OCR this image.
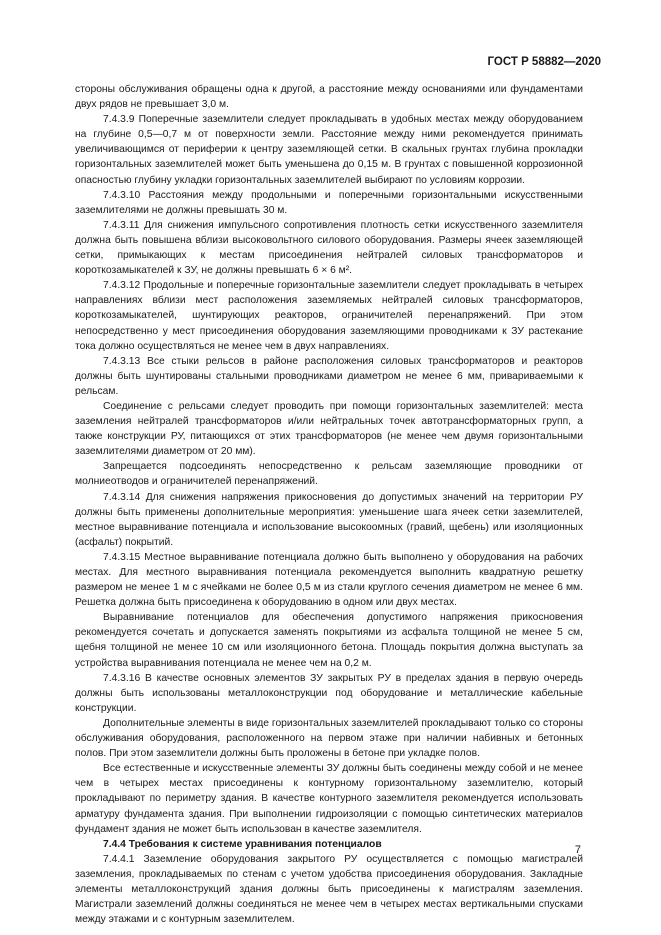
ГОСТ Р 58882—2020

стороны обслуживания обращены одна к другой, а расстояние между основаниями или фундаментами двух рядов не превышает 3,0 м.

7.4.3.9 Поперечные заземлители следует прокладывать в удобных местах между оборудованием на глубине 0,5—0,7 м от поверхности земли. Расстояние между ними рекомендуется принимать увеличивающимся от периферии к центру заземляющей сетки. В скальных грунтах глубина прокладки горизонтальных заземлителей может быть уменьшена до 0,15 м. В грунтах с повышенной коррозионной опасностью глубину укладки горизонтальных заземлителей выбирают по условиям коррозии.

7.4.3.10 Расстояния между продольными и поперечными горизонтальными искусственными заземлителями не должны превышать 30 м.

7.4.3.11 Для снижения импульсного сопротивления плотность сетки искусственного заземлителя должна быть повышена вблизи высоковольтного силового оборудования. Размеры ячеек заземляющей сетки, примыкающих к местам присоединения нейтралей силовых трансформаторов и короткозамыкателей к ЗУ, не должны превышать 6 × 6 м².

7.4.3.12 Продольные и поперечные горизонтальные заземлители следует прокладывать в четырех направлениях вблизи мест расположения заземляемых нейтралей силовых трансформаторов, короткозамыкателей, шунтирующих реакторов, ограничителей перенапряжений. При этом непосредственно у мест присоединения оборудования заземляющими проводниками к ЗУ растекание тока должно осуществляться не менее чем в двух направлениях.

7.4.3.13 Все стыки рельсов в районе расположения силовых трансформаторов и реакторов должны быть шунтированы стальными проводниками диаметром не менее 6 мм, привариваемыми к рельсам.

Соединение с рельсами следует проводить при помощи горизонтальных заземлителей: места заземления нейтралей трансформаторов и/или нейтральных точек автотрансформаторных групп, а также конструкции РУ, питающихся от этих трансформаторов (не менее чем двумя горизонтальными заземлителями диаметром от 20 мм).

Запрещается подсоединять непосредственно к рельсам заземляющие проводники от молниеотводов и ограничителей перенапряжений.

7.4.3.14 Для снижения напряжения прикосновения до допустимых значений на территории РУ должны быть применены дополнительные мероприятия: уменьшение шага ячеек сетки заземлителей, местное выравнивание потенциала и использование высокоомных (гравий, щебень) или изоляционных (асфальт) покрытий.

7.4.3.15 Местное выравнивание потенциала должно быть выполнено у оборудования на рабочих местах. Для местного выравнивания потенциала рекомендуется выполнить квадратную решетку размером не менее 1 м с ячейками не более 0,5 м из стали круглого сечения диаметром не менее 6 мм. Решетка должна быть присоединена к оборудованию в одном или двух местах.

Выравнивание потенциалов для обеспечения допустимого напряжения прикосновения рекомендуется сочетать и допускается заменять покрытиями из асфальта толщиной не менее 5 см, щебня толщиной не менее 10 см или изоляционного бетона. Площадь покрытия должна выступать за устройства выравнивания потенциала не менее чем на 0,2 м.

7.4.3.16 В качестве основных элементов ЗУ закрытых РУ в пределах здания в первую очередь должны быть использованы металлоконструкции под оборудование и металлические кабельные конструкции.

Дополнительные элементы в виде горизонтальных заземлителей прокладывают только со стороны обслуживания оборудования, расположенного на первом этаже при наличии набивных и бетонных полов. При этом заземлители должны быть проложены в бетоне при укладке полов.

Все естественные и искусственные элементы ЗУ должны быть соединены между собой и не менее чем в четырех местах присоединены к контурному горизонтальному заземлителю, который прокладывают по периметру здания. В качестве контурного заземлителя рекомендуется использовать арматуру фундамента здания. При выполнении гидроизоляции с помощью синтетических материалов фундамент здания не может быть использован в качестве заземлителя.

7.4.4 Требования к системе уравнивания потенциалов

7.4.4.1 Заземление оборудования закрытого РУ осуществляется с помощью магистралей заземления, прокладываемых по стенам с учетом удобства присоединения оборудования. Закладные элементы металлоконструкций здания должны быть присоединены к магистралям заземления. Магистрали заземлений должны соединяться не менее чем в четырех местах вертикальными спусками между этажами и с контурным заземлителем.

7
